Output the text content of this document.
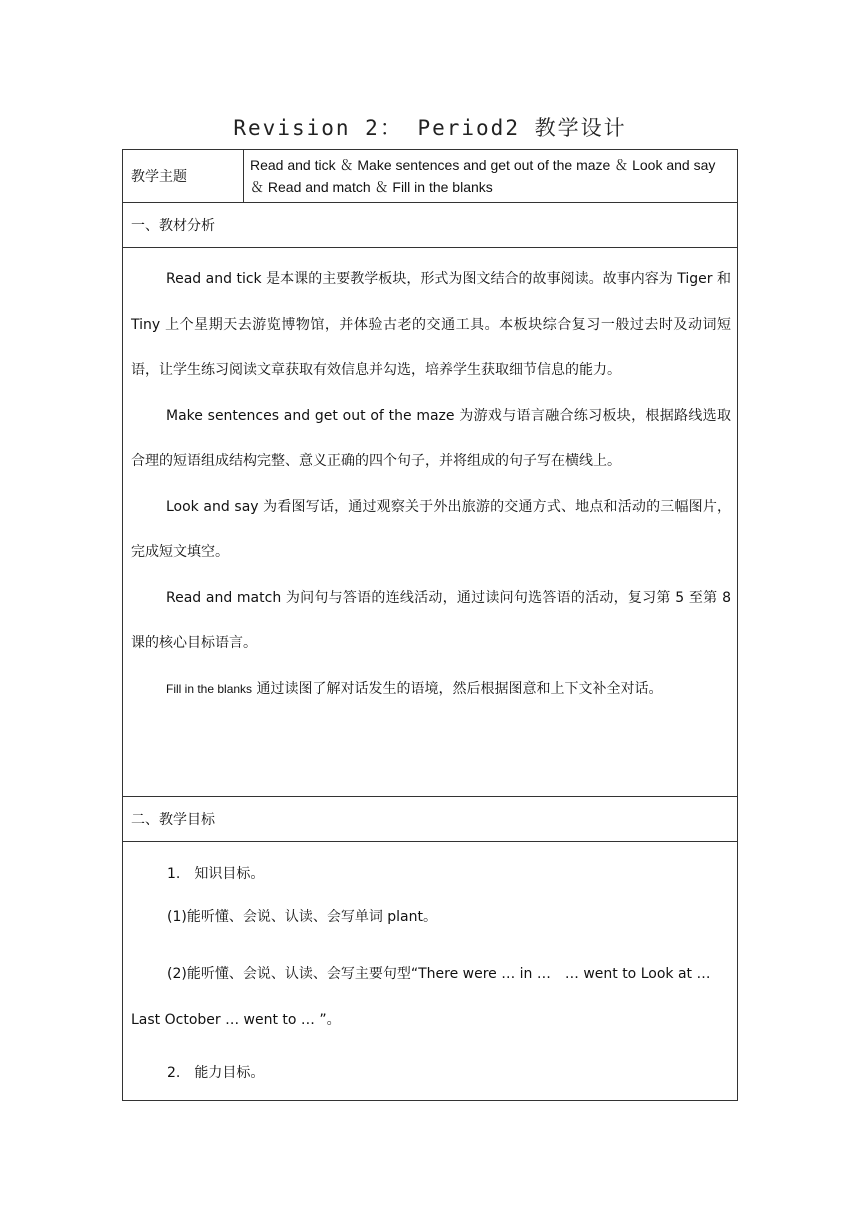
Revision 2： Period2 教学设计
教学主题	Read and tick ＆ Make sentences and get out of the maze ＆ Look and say ＆ Read and match ＆ Fill in the blanks
一、教材分析

Read and tick 是本课的主要教学板块，形式为图文结合的故事阅读。故事内容为 Tiger 和 Tiny 上个星期天去游览博物馆，并体验古老的交通工具。本板块综合复习一般过去时及动词短语，让学生练习阅读文章获取有效信息并勾选，培养学生获取细节信息的能力。

Make sentences and get out of the maze 为游戏与语言融合练习板块，根据路线选取合理的短语组成结构完整、意义正确的四个句子，并将组成的句子写在横线上。

Look and say 为看图写话，通过观察关于外出旅游的交通方式、地点和活动的三幅图片，完成短文填空。

Read and match 为问句与答语的连线活动，通过读问句选答语的活动，复习第 5 至第 8 课的核心目标语言。

Fill in the blanks 通过读图了解对话发生的语境，然后根据图意和上下文补全对话。

二、教学目标

1.　知识目标。

(1)能听懂、会说、认读、会写单词 plant。

(2)能听懂、会说、认读、会写主要句型“There were … in …　… went to Look at …　Last October … went to … ”。

2.　能力目标。
